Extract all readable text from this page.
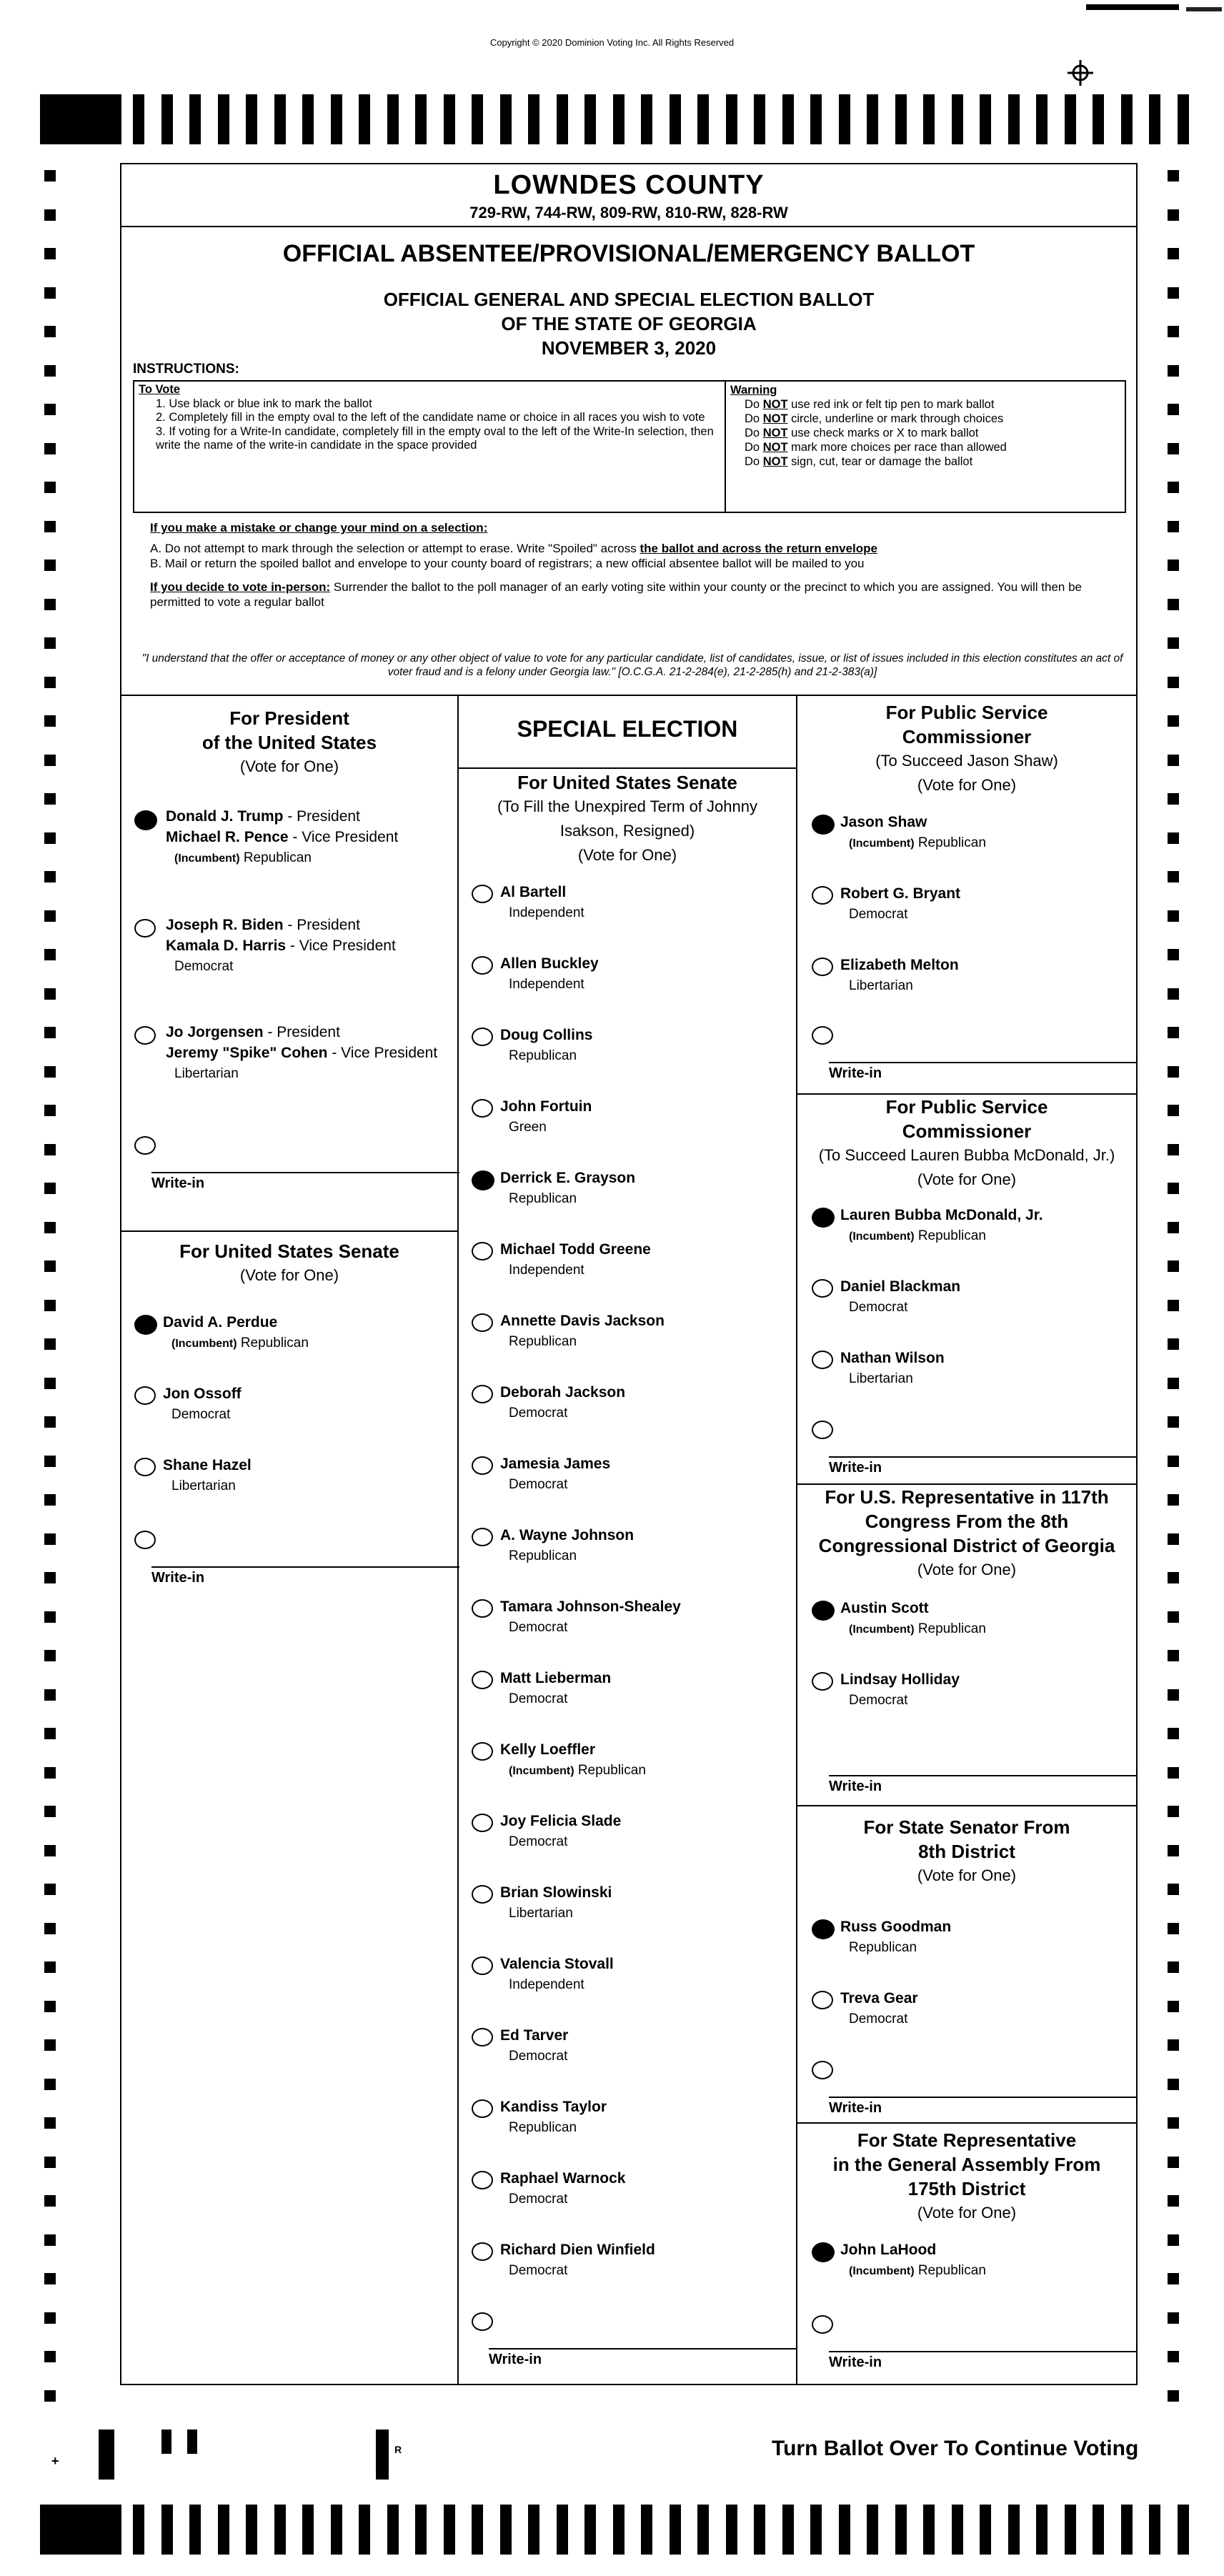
Copyright © 2020 Dominion Voting Inc. All Rights Reserved
LOWNDES COUNTY
729-RW, 744-RW, 809-RW, 810-RW, 828-RW
OFFICIAL ABSENTEE/PROVISIONAL/EMERGENCY BALLOT
OFFICIAL GENERAL AND SPECIAL ELECTION BALLOT
OF THE STATE OF GEORGIA
NOVEMBER 3, 2020
INSTRUCTIONS:
To Vote
1. Use black or blue ink to mark the ballot
2. Completely fill in the empty oval to the left of the candidate name or choice in all races you wish to vote
3. If voting for a Write-In candidate, completely fill in the empty oval to the left of the Write-In selection, then write the name of the write-in candidate in the space provided
Warning
Do NOT use red ink or felt tip pen to mark ballot
Do NOT circle, underline or mark through choices
Do NOT use check marks or X to mark ballot
Do NOT mark more choices per race than allowed
Do NOT sign, cut, tear or damage the ballot
If you make a mistake or change your mind on a selection:
A. Do not attempt to mark through the selection or attempt to erase. Write "Spoiled" across the ballot and across the return envelope
B. Mail or return the spoiled ballot and envelope to your county board of registrars; a new official absentee ballot will be mailed to you
If you decide to vote in-person: Surrender the ballot to the poll manager of an early voting site within your county or the precinct to which you are assigned. You will then be permitted to vote a regular ballot
"I understand that the offer or acceptance of money or any other object of value to vote for any particular candidate, list of candidates, issue, or list of issues included in this election constitutes an act of voter fraud and is a felony under Georgia law." [O.C.G.A. 21-2-284(e), 21-2-285(h) and 21-2-383(a)]
For President
of the United States
(Vote for One)
Donald J. Trump - President
Michael R. Pence - Vice President
(Incumbent) Republican
Joseph R. Biden - President
Kamala D. Harris - Vice President
Democrat
Jo Jorgensen - President
Jeremy "Spike" Cohen - Vice President
Libertarian
Write-in
For United States Senate
(Vote for One)
David A. Perdue
(Incumbent) Republican
Jon Ossoff
Democrat
Shane Hazel
Libertarian
Write-in
SPECIAL ELECTION
For United States Senate
(To Fill the Unexpired Term of Johnny
Isakson, Resigned)
(Vote for One)
Al Bartell
Independent
Allen Buckley
Independent
Doug Collins
Republican
John Fortuin
Green
Derrick E. Grayson
Republican
Michael Todd Greene
Independent
Annette Davis Jackson
Republican
Deborah Jackson
Democrat
Jamesia James
Democrat
A. Wayne Johnson
Republican
Tamara Johnson-Shealey
Democrat
Matt Lieberman
Democrat
Kelly Loeffler
(Incumbent) Republican
Joy Felicia Slade
Democrat
Brian Slowinski
Libertarian
Valencia Stovall
Independent
Ed Tarver
Democrat
Kandiss Taylor
Republican
Raphael Warnock
Democrat
Richard Dien Winfield
Democrat
Write-in
For Public Service
Commissioner
(To Succeed Jason Shaw)
(Vote for One)
Jason Shaw
(Incumbent) Republican
Robert G. Bryant
Democrat
Elizabeth Melton
Libertarian
Write-in
For Public Service
Commissioner
(To Succeed Lauren Bubba McDonald, Jr.)
(Vote for One)
Lauren Bubba McDonald, Jr.
(Incumbent) Republican
Daniel Blackman
Democrat
Nathan Wilson
Libertarian
Write-in
For U.S. Representative in 117th
Congress From the 8th
Congressional District of Georgia
(Vote for One)
Austin Scott
(Incumbent) Republican
Lindsay Holliday
Democrat
Write-in
For State Senator From
8th District
(Vote for One)
Russ Goodman
Republican
Treva Gear
Democrat
Write-in
For State Representative
in the General Assembly From
175th District
(Vote for One)
John LaHood
(Incumbent) Republican
Write-in
Turn Ballot Over To Continue Voting
R
+
